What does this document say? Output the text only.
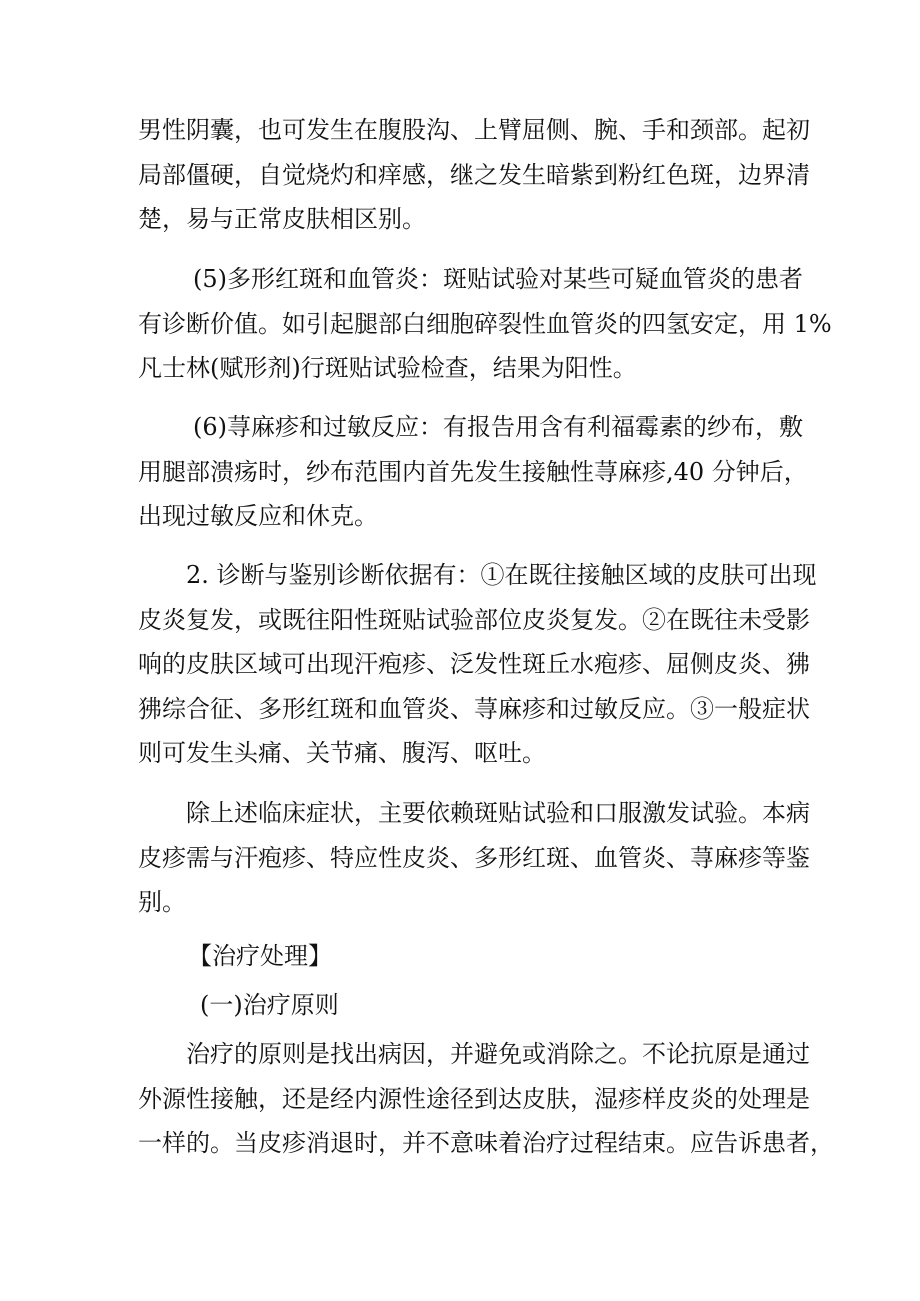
男性阴囊，也可发生在腹股沟、上臂屈侧、腕、手和颈部。起初
局部僵硬，自觉烧灼和痒感，继之发生暗紫到粉红色斑，边界清
楚，易与正常皮肤相区别。
(5)多形红斑和血管炎：斑贴试验对某些可疑血管炎的患者
有诊断价值。如引起腿部白细胞碎裂性血管炎的四氢安定，用 1%
凡士林(赋形剂)行斑贴试验检查，结果为阳性。
(6)荨麻疹和过敏反应：有报告用含有利福霉素的纱布，敷
用腿部溃疡时，纱布范围内首先发生接触性荨麻疹,40 分钟后，
出现过敏反应和休克。
2. 诊断与鉴别诊断依据有：①在既往接触区域的皮肤可出现
皮炎复发，或既往阳性斑贴试验部位皮炎复发。②在既往未受影
响的皮肤区域可出现汗疱疹、泛发性斑丘水疱疹、屈侧皮炎、狒
狒综合征、多形红斑和血管炎、荨麻疹和过敏反应。③一般症状
则可发生头痛、关节痛、腹泻、呕吐。
除上述临床症状，主要依赖斑贴试验和口服激发试验。本病
皮疹需与汗疱疹、特应性皮炎、多形红斑、血管炎、荨麻疹等鉴
别。
【治疗处理】
(一)治疗原则
治疗的原则是找出病因，并避免或消除之。不论抗原是通过
外源性接触，还是经内源性途径到达皮肤，湿疹样皮炎的处理是
一样的。当皮疹消退时，并不意味着治疗过程结束。应告诉患者，
